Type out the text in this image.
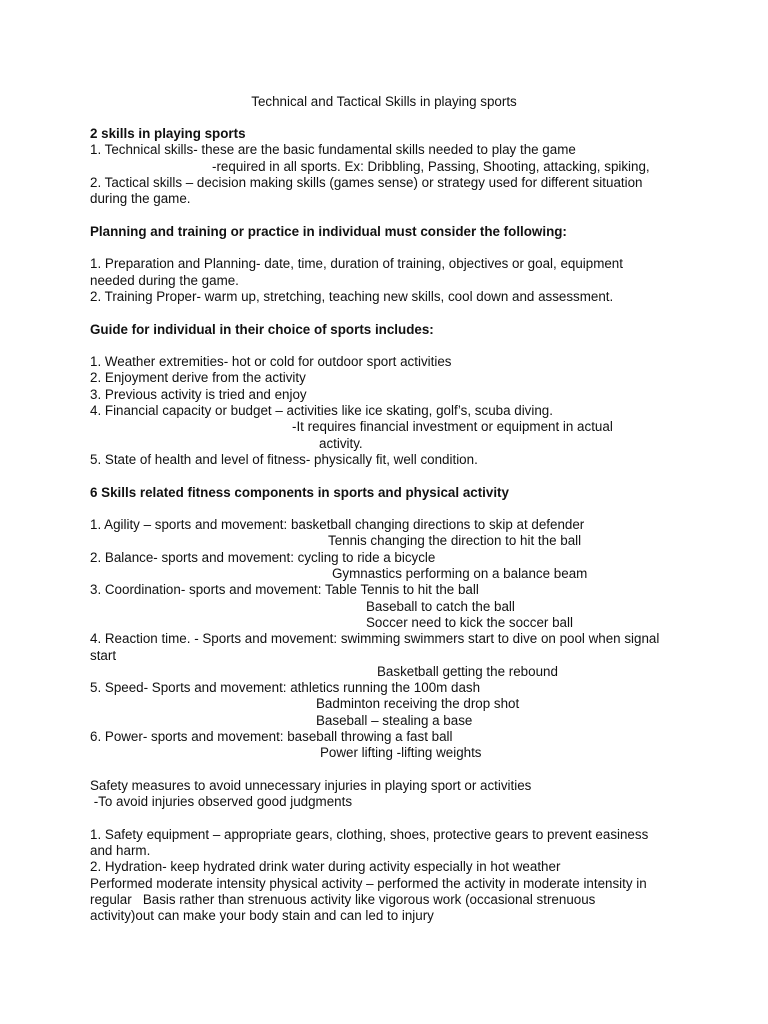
Technical and Tactical Skills in playing sports
2 skills in playing sports
1. Technical skills- these are the basic fundamental skills needed to play the game
-required in all sports. Ex: Dribbling, Passing, Shooting, attacking, spiking,
2. Tactical skills – decision making skills (games sense) or strategy used for different situation
during the game.
Planning and training or practice in individual must consider the following:
1. Preparation and Planning- date, time, duration of training, objectives or goal, equipment
needed during the game.
2. Training Proper- warm up, stretching, teaching new skills, cool down and assessment.
Guide for individual in their choice of sports includes:
1. Weather extremities- hot or cold for outdoor sport activities
2. Enjoyment derive from the activity
3. Previous activity is tried and enjoy
4. Financial capacity or budget – activities like ice skating, golf’s, scuba diving.
-It requires financial investment or equipment in actual
activity.
5. State of health and level of fitness- physically fit, well condition.
6 Skills related fitness components in sports and physical activity
1. Agility – sports and movement: basketball changing directions to skip at defender
Tennis changing the direction to hit the ball
2. Balance- sports and movement: cycling to ride a bicycle
Gymnastics performing on a balance beam
3. Coordination- sports and movement: Table Tennis to hit the ball
Baseball to catch the ball
Soccer need to kick the soccer ball
4. Reaction time. - Sports and movement: swimming swimmers start to dive on pool when signal
start
Basketball getting the rebound
5. Speed- Sports and movement: athletics running the 100m dash
Badminton receiving the drop shot
Baseball – stealing a base
6. Power- sports and movement: baseball throwing a fast ball
Power lifting -lifting weights
Safety measures to avoid unnecessary injuries in playing sport or activities
-To avoid injuries observed good judgments
1. Safety equipment – appropriate gears, clothing, shoes, protective gears to prevent easiness
and harm.
2. Hydration- keep hydrated drink water during activity especially in hot weather
Performed moderate intensity physical activity – performed the activity in moderate intensity in
regular   Basis rather than strenuous activity like vigorous work (occasional strenuous
activity)out can make your body stain and can led to injury
